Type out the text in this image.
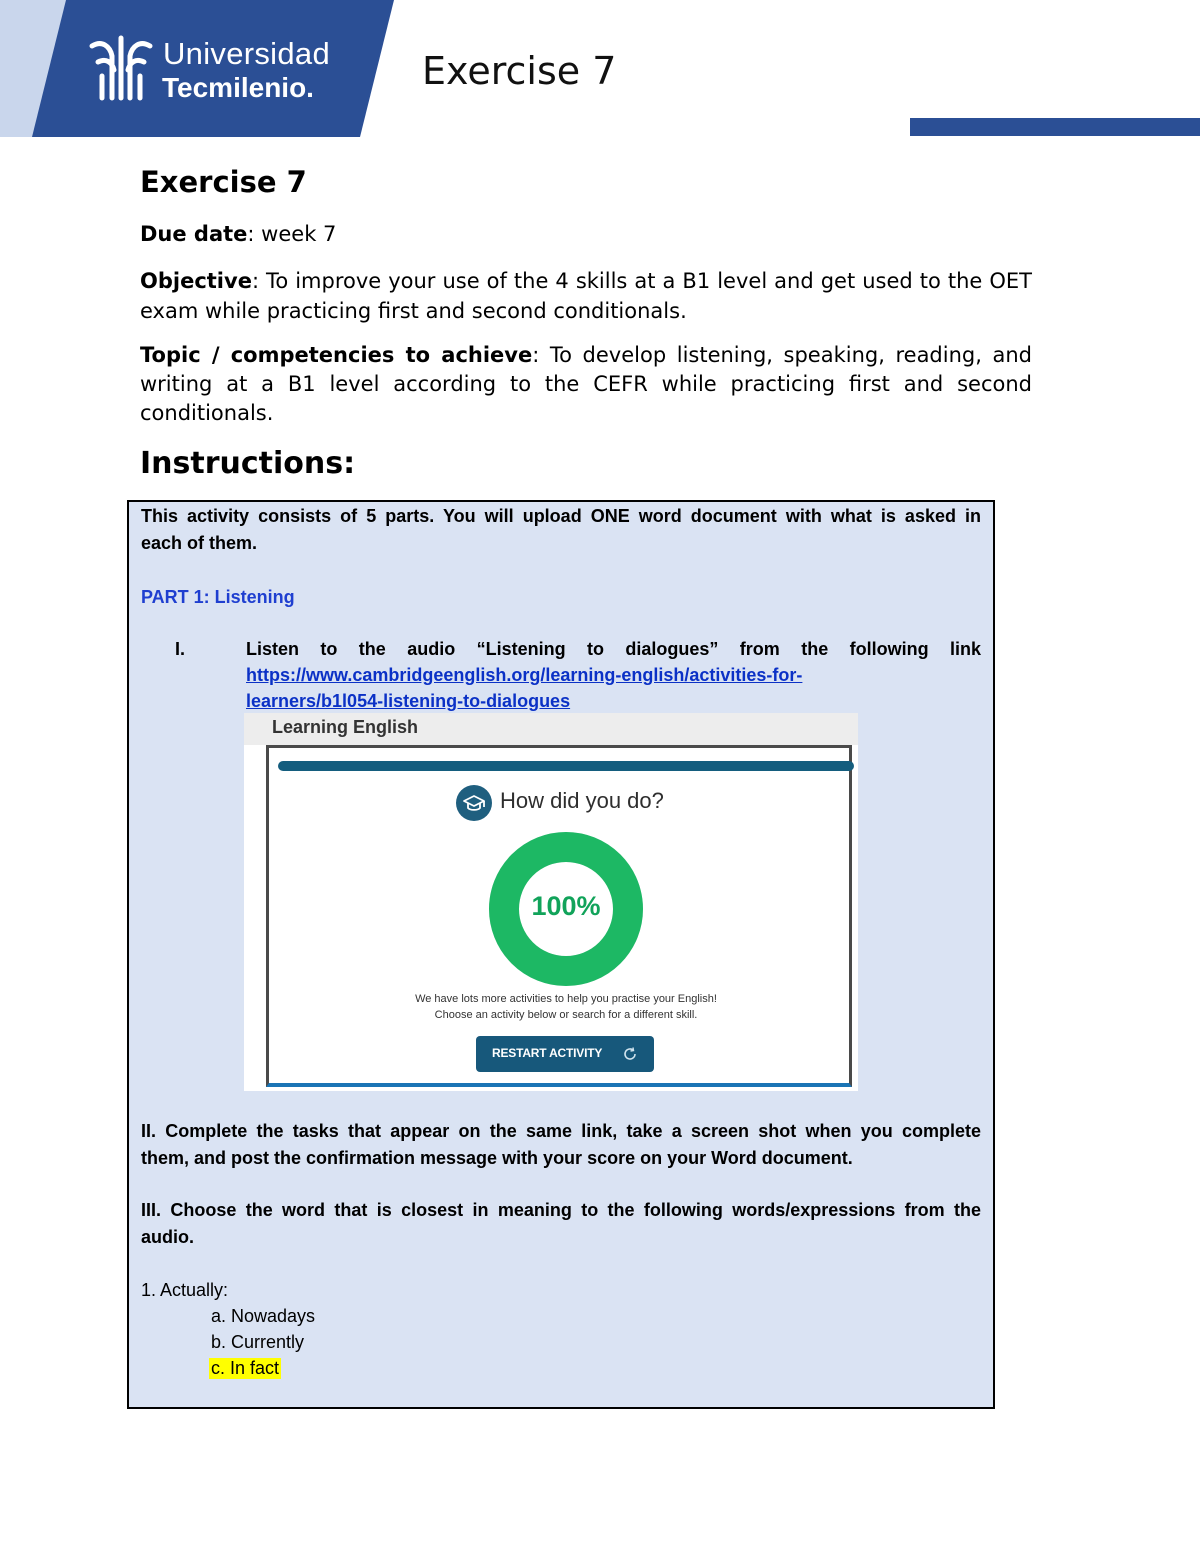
Universidad
Tecmilenio.	Exercise 7
Exercise 7
Due date: week 7
Objective: To improve your use of the 4 skills at a B1 level and get used to the OET exam while practicing first and second conditionals.
Topic / competencies to achieve: To develop listening, speaking, reading, and writing at a B1 level according to the CEFR while practicing first and second conditionals.
Instructions:
This activity consists of 5 parts. You will upload ONE word document with what is asked in
each of them.
PART 1: Listening
I.	Listen to the audio “Listening to dialogues” from the following link
https://www.cambridgeenglish.org/learning-english/activities-for-
learners/b1l054-listening-to-dialogues
Learning English
How did you do?
100%
We have lots more activities to help you practise your English!
Choose an activity below or search for a different skill.
RESTART ACTIVITY
II. Complete the tasks that appear on the same link, take a screen shot when you complete
them, and post the confirmation message with your score on your Word document.
III. Choose the word that is closest in meaning to the following words/expressions from the
audio.
1. Actually:
a. Nowadays
b. Currently
c. In fact
